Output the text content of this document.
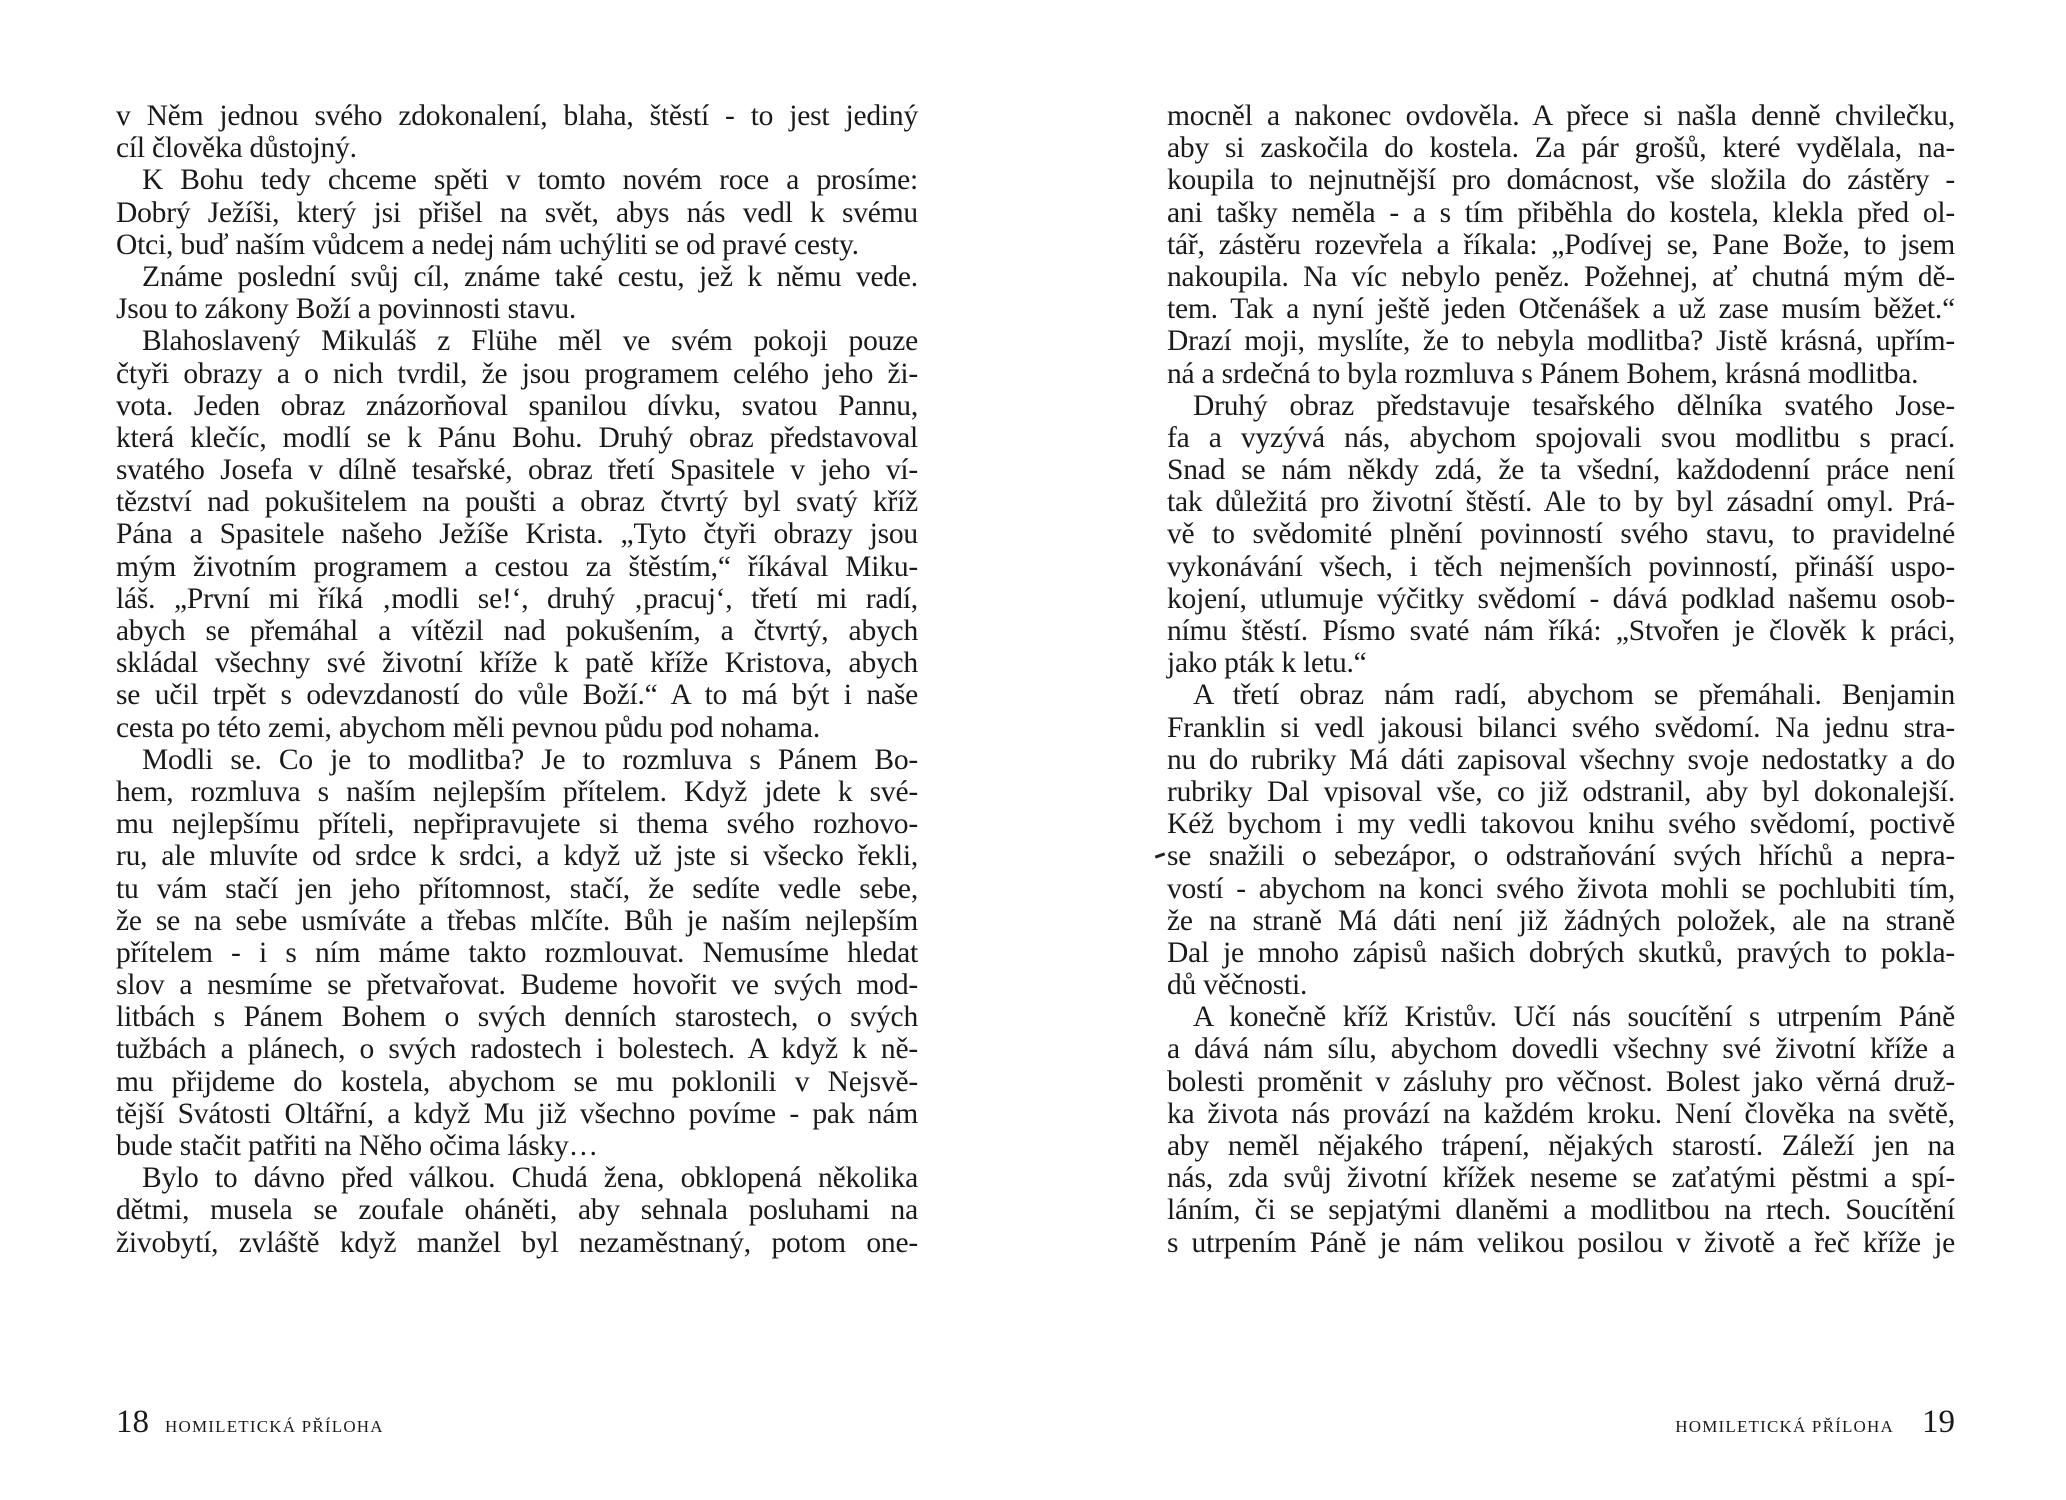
v Něm jednou svého zdokonalení, blaha, štěstí - to jest jediný
cíl člověka důstojný.
K Bohu tedy chceme spěti v tomto novém roce a prosíme:
Dobrý Ježíši, který jsi přišel na svět, abys nás vedl k svému
Otci, buď naším vůdcem a nedej nám uchýliti se od pravé cesty.
Známe poslední svůj cíl, známe také cestu, jež k němu vede.
Jsou to zákony Boží a povinnosti stavu.
Blahoslavený Mikuláš z Flühe měl ve svém pokoji pouze
čtyři obrazy a o nich tvrdil, že jsou programem celého jeho ži-
vota. Jeden obraz znázorňoval spanilou dívku, svatou Pannu,
která klečíc, modlí se k Pánu Bohu. Druhý obraz představoval
svatého Josefa v dílně tesařské, obraz třetí Spasitele v jeho ví-
tězství nad pokušitelem na poušti a obraz čtvrtý byl svatý kříž
Pána a Spasitele našeho Ježíše Krista. „Tyto čtyři obrazy jsou
mým životním programem a cestou za štěstím,“ říkával Miku-
láš. „První mi říká ‚modli se!‘, druhý ‚pracuj‘, třetí mi radí,
abych se přemáhal a vítězil nad pokušením, a čtvrtý, abych
skládal všechny své životní kříže k patě kříže Kristova, abych
se učil trpět s odevzdaností do vůle Boží.“ A to má být i naše
cesta po této zemi, abychom měli pevnou půdu pod nohama.
Modli se. Co je to modlitba? Je to rozmluva s Pánem Bo-
hem, rozmluva s naším nejlepším přítelem. Když jdete k své-
mu nejlepšímu příteli, nepřipravujete si thema svého rozhovo-
ru, ale mluvíte od srdce k srdci, a když už jste si všecko řekli,
tu vám stačí jen jeho přítomnost, stačí, že sedíte vedle sebe,
že se na sebe usmíváte a třebas mlčíte. Bůh je naším nejlepším
přítelem - i s ním máme takto rozmlouvat. Nemusíme hledat
slov a nesmíme se přetvařovat. Budeme hovořit ve svých mod-
litbách s Pánem Bohem o svých denních starostech, o svých
tužbách a plánech, o svých radostech i bolestech. A když k ně-
mu přijdeme do kostela, abychom se mu poklonili v Nejsvě-
tější Svátosti Oltářní, a když Mu již všechno povíme - pak nám
bude stačit patřiti na Něho očima lásky…
Bylo to dávno před válkou. Chudá žena, obklopená několika
dětmi, musela se zoufale oháněti, aby sehnala posluhami na
živobytí, zvláště když manžel byl nezaměstnaný, potom one-
18 HOMILETICKÁ PŘÍLOHA
mocněl a nakonec ovdověla. A přece si našla denně chvilečku,
aby si zaskočila do kostela. Za pár grošů, které vydělala, na-
koupila to nejnutnější pro domácnost, vše složila do zástěry -
ani tašky neměla - a s tím přiběhla do kostela, klekla před ol-
tář, zástěru rozevřela a říkala: „Podívej se, Pane Bože, to jsem
nakoupila. Na víc nebylo peněz. Požehnej, ať chutná mým dě-
tem. Tak a nyní ještě jeden Otčenášek a už zase musím běžet.“
Drazí moji, myslíte, že to nebyla modlitba? Jistě krásná, upřím-
ná a srdečná to byla rozmluva s Pánem Bohem, krásná modlitba.
Druhý obraz představuje tesařského dělníka svatého Jose-
fa a vyzývá nás, abychom spojovali svou modlitbu s prací.
Snad se nám někdy zdá, že ta všední, každodenní práce není
tak důležitá pro životní štěstí. Ale to by byl zásadní omyl. Prá-
vě to svědomité plnění povinností svého stavu, to pravidelné
vykonávání všech, i těch nejmenších povinností, přináší uspo-
kojení, utlumuje výčitky svědomí - dává podklad našemu osob-
nímu štěstí. Písmo svaté nám říká: „Stvořen je člověk k práci,
jako pták k letu.“
A třetí obraz nám radí, abychom se přemáhali. Benjamin
Franklin si vedl jakousi bilanci svého svědomí. Na jednu stra-
nu do rubriky Má dáti zapisoval všechny svoje nedostatky a do
rubriky Dal vpisoval vše, co již odstranil, aby byl dokonalejší.
Kéž bychom i my vedli takovou knihu svého svědomí, poctivě
se snažili o sebezápor, o odstraňování svých hříchů a nepra-
vostí - abychom na konci svého života mohli se pochlubiti tím,
že na straně Má dáti není již žádných položek, ale na straně
Dal je mnoho zápisů našich dobrých skutků, pravých to pokla-
dů věčnosti.
A konečně kříž Kristův. Učí nás soucítění s utrpením Páně
a dává nám sílu, abychom dovedli všechny své životní kříže a
bolesti proměnit v zásluhy pro věčnost. Bolest jako věrná druž-
ka života nás provází na každém kroku. Není člověka na světě,
aby neměl nějakého trápení, nějakých starostí. Záleží jen na
nás, zda svůj životní křížek neseme se zaťatými pěstmi a spí-
láním, či se sepjatými dlaněmi a modlitbou na rtech. Soucítění
s utrpením Páně je nám velikou posilou v životě a řeč kříže je
HOMILETICKÁ PŘÍLOHA 19
